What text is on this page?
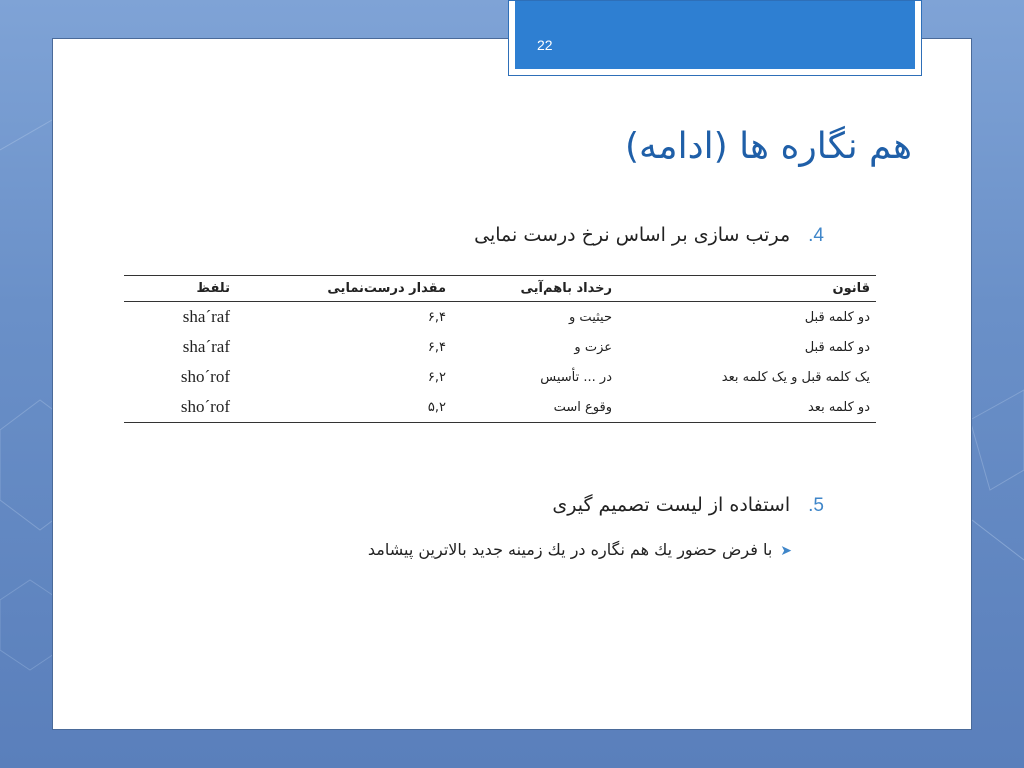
22
هم نگاره ها (ادامه)
4.مرتب سازی بر اساس نرخ درست نمایی
قانون	رخداد باهم‌آیی	مقدار درست‌نمایی	تلفظ
دو کلمه قبل	حیثیت و	۶,۴	sha´raf
دو کلمه قبل	عزت و	۶,۴	sha´raf
یک کلمه قبل و یک کلمه بعد	در ... تأسیس	۶,۲	sho´rof
دو کلمه بعد	وقوع است	۵,۲	sho´rof
5.استفاده از لیست تصمیم گیری
➤با فرض حضور يك هم نگاره در يك زمينه جديد بالاترين پيشامد
